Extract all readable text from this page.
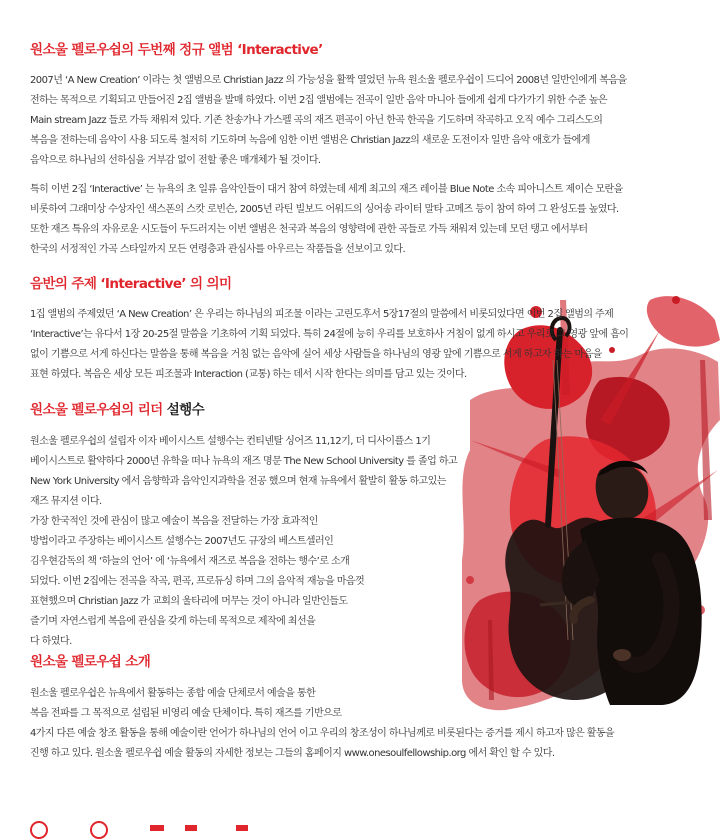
원소울 펠로우쉽의 두번째 정규 앨범 ‘Interactive’

2007년 ‘A New Creation’ 이라는 첫 앨범으로 Christian Jazz 의 가능성을 활짝 열었던 뉴욕 원소울 펠로우쉽이 드디어 2008년 일반인에게 복음을
전하는 목적으로 기획되고 만들어진 2집 앨범을 발매 하였다. 이번 2집 앨범에는 전곡이 일반 음악 마니아 들에게 쉽게 다가가기 위한 수준 높은
Main stream Jazz 들로 가득 채워져 있다. 기존 찬송가나 가스펠 곡의 재즈 편곡이 아닌 한곡 한곡을 기도하며 작곡하고 오직 예수 그리스도의
복음을 전하는데 음악이 사용 되도록 철저히 기도하며 녹음에 임한 이번 앨범은 Christian Jazz의 새로운 도전이자 일반 음악 애호가 들에게
음악으로 하나님의 선하심을 거부감 없이 전할 좋은 매개체가 될 것이다.

특히 이번 2집 ‘Interactive’ 는 뉴욕의 초 일류 음악인들이 대거 참여 하였는데 세계 최고의 재즈 레이블 Blue Note 소속 피아니스트 제이슨 모란을
비롯하여 그래미상 수상자인 색스폰의 스캇 로빈슨, 2005년 라틴 빌보드 어워드의 싱어송 라이터 말타 고메즈 등이 참여 하여 그 완성도를 높였다.
또한 재즈 특유의 자유로운 시도들이 두드러지는 이번 앨범은 천국과 복음의 영향력에 관한 곡들로 가득 채워져 있는데 모던 탱고 에서부터
한국의 서정적인 가곡 스타일까지 모든 연령층과 관심사를 아우르는 작품들을 선보이고 있다.

음반의 주제 ‘Interactive’ 의 의미

1집 앨범의 주제였던 ‘A New Creation’ 은 우리는 하나님의 피조물 이라는 고린도후서 5장17절의 말씀에서 비롯되었다면 이번 2집 앨범의 주제
‘Interactive’는 유다서 1장 20-25절 말씀을 기초하여 기획 되었다. 특히 24절에 능히 우리를 보호하사 거침이 없게 하시고 우리로 그 영광 앞에 흠이
없이 기쁨으로 서게 하신다는 말씀을 통해 복음을 거침 없는 음악에 실어 세상 사람들을 하나님의 영광 앞에 기쁨으로 서게 하고자 하는 마음을
표현 하였다. 복음은 세상 모든 피조물과 Interaction (교통) 하는 데서 시작 한다는 의미를 담고 있는 것이다.

원소울 펠로우쉽의 리더 설행수

원소울 펠로우쉽의 설립자 이자 베이시스트 설행수는 컨티넨탈 싱어즈 11,12기, 더 디사이플스 1기
베이시스트로 활약하다 2000년 유학을 떠나 뉴욕의 재즈 명문 The New School University 를 졸업 하고
New York University 에서 음향학과 음악인지과학을 전공 했으며 현재 뉴욕에서 활발히 활동 하고있는
재즈 뮤지션 이다.
가장 한국적인 것에 관심이 많고 예술이 복음을 전달하는 가장 효과적인
방법이라고 주장하는 베이시스트 설행수는 2007년도 규장의 베스트셀러인
김우현감독의 책 ‘하늘의 언어’ 에 ‘뉴욕에서 재즈로 복음을 전하는 행수’로 소개
되었다. 이번 2집에는 전곡을 작곡, 편곡, 프로듀싱 하며 그의 음악적 재능을 마음껏
표현했으며 Christian Jazz 가 교회의 울타리에 머무는 것이 아니라 일반인들도
즐기며 자연스럽게 복음에 관심을 갖게 하는데 목적으로 제작에 최선을
다 하였다.

원소울 펠로우쉽 소개

원소울 펠로우쉽은 뉴욕에서 활동하는 종합 예술 단체로서 예술을 통한
복음 전파를 그 목적으로 설립된 비영리 예술 단체이다. 특히 재즈를 기반으로
4가지 다른 예술 창조 활동을 통해 예술이란 언어가 하나님의 언어 이고 우리의 창조성이 하나님께로 비롯된다는 증거를 제시 하고자 많은 활동을
진행 하고 있다. 원소울 펠로우쉽 예술 활동의 자세한 정보는 그들의 홈페이지 www.onesoulfellowship.org 에서 확인 할 수 있다.
